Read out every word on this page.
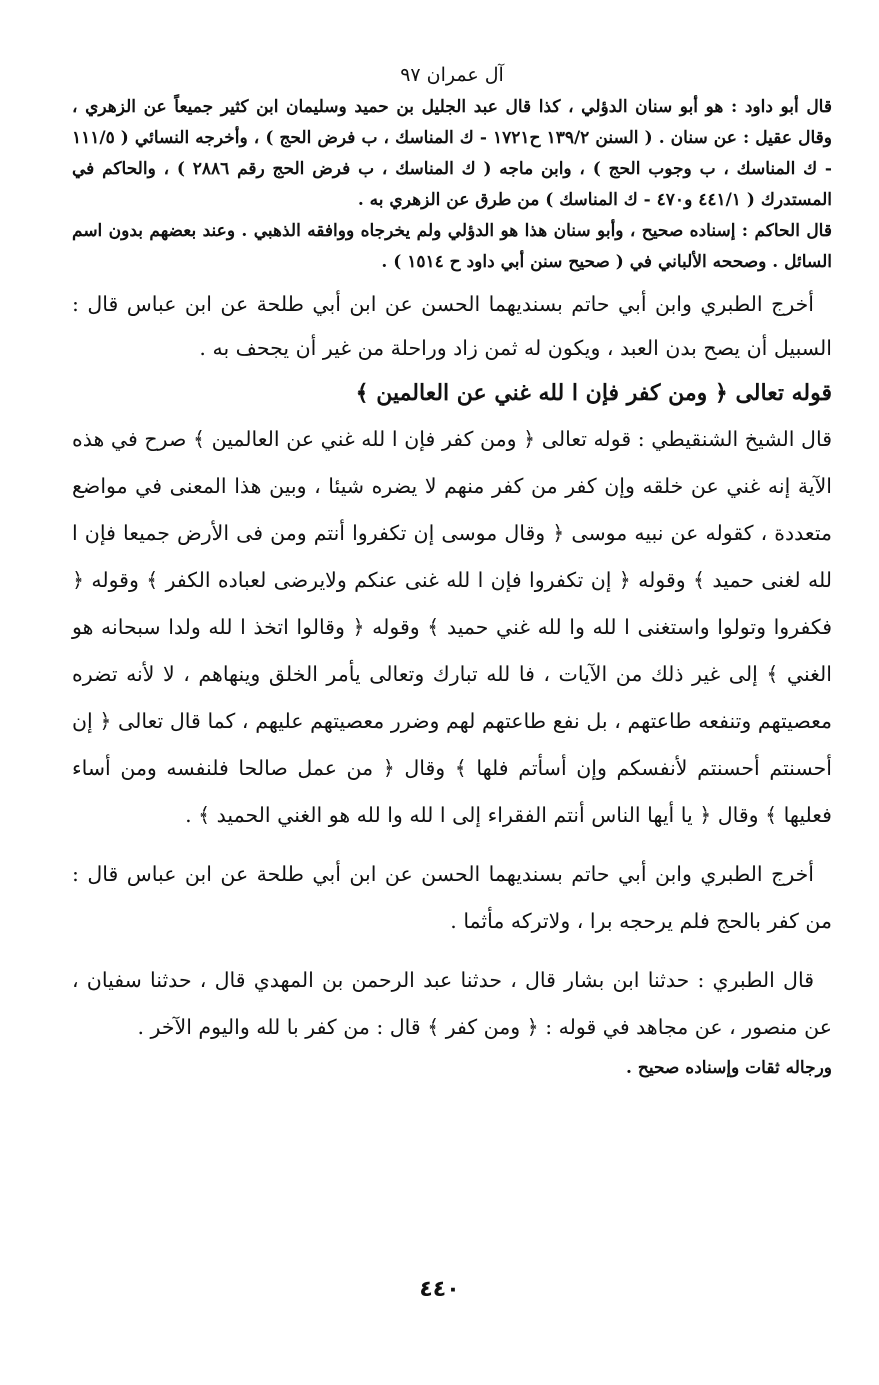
آل عمران ٩٧

قال أبو داود : هو أبو سنان الدؤلي ، كذا قال عبد الجليل بن حميد وسليمان ابن كثير جميعاً عن الزهري ، وقال عقيل : عن سنان . ( السنن ١٣٩/٢ ح١٧٢١ - ك المناسك ، ب فرض الحج ) ، وأخرجه النسائي ( ١١١/٥ - ك المناسك ، ب وجوب الحج ) ، وابن ماجه ( ك المناسك ، ب فرض الحج رقم ٢٨٨٦ ) ، والحاكم في المستدرك ( ٤٤١/١ و٤٧٠ - ك المناسك ) من طرق عن الزهري به .

قال الحاكم : إسناده صحيح ، وأبو سنان هذا هو الدؤلي ولم يخرجاه ووافقه الذهبي . وعند بعضهم بدون اسم السائل . وصححه الألباني في ( صحيح سنن أبي داود ح ١٥١٤ ) .

أخرج الطبري وابن أبي حاتم بسنديهما الحسن عن ابن أبي طلحة عن ابن عباس قال : السبيل أن يصح بدن العبد ، ويكون له ثمن زاد وراحلة من غير أن يجحف به .

قوله تعالى ﴿ ومن كفر فإن ا لله غني عن العالمين ﴾

قال الشيخ الشنقيطي : قوله تعالى ﴿ ومن كفر فإن ا لله غني عن العالمين ﴾ صرح في هذه الآية إنه غني عن خلقه وإن كفر من كفر منهم لا يضره شيئا ، وبين هذا المعنى في مواضع متعددة ، كقوله عن نبيه موسى ﴿ وقال موسى إن تكفروا أنتم ومن فى الأرض جميعا فإن ا لله لغنى حميد ﴾ وقوله ﴿ إن تكفروا فإن ا لله غنى عنكم ولايرضى لعباده الكفر ﴾ وقوله ﴿ فكفروا وتولوا واستغنى ا لله وا لله غني حميد ﴾ وقوله ﴿ وقالوا اتخذ ا لله ولدا سبحانه هو الغني ﴾ إلى غير ذلك من الآيات ، فا لله تبارك وتعالى يأمر الخلق وينهاهم ، لا لأنه تضره معصيتهم وتنفعه طاعتهم ، بل نفع طاعتهم لهم وضرر معصيتهم عليهم ، كما قال تعالى ﴿ إن أحسنتم أحسنتم لأنفسكم وإن أسأتم فلها ﴾ وقال ﴿ من عمل صالحا فلنفسه ومن أساء فعليها ﴾ وقال ﴿ يا أيها الناس أنتم الفقراء إلى ا لله وا لله هو الغني الحميد ﴾ .

أخرج الطبري وابن أبي حاتم بسنديهما الحسن عن ابن أبي طلحة عن ابن عباس قال : من كفر بالحج فلم يرحجه برا ، ولاتركه مأثما .

قال الطبري : حدثنا ابن بشار قال ، حدثنا عبد الرحمن بن المهدي قال ، حدثنا سفيان ، عن منصور ، عن مجاهد في قوله : ﴿ ومن كفر ﴾ قال : من كفر با لله واليوم الآخر .

ورجاله ثقات وإسناده صحيح .
٤٤٠
